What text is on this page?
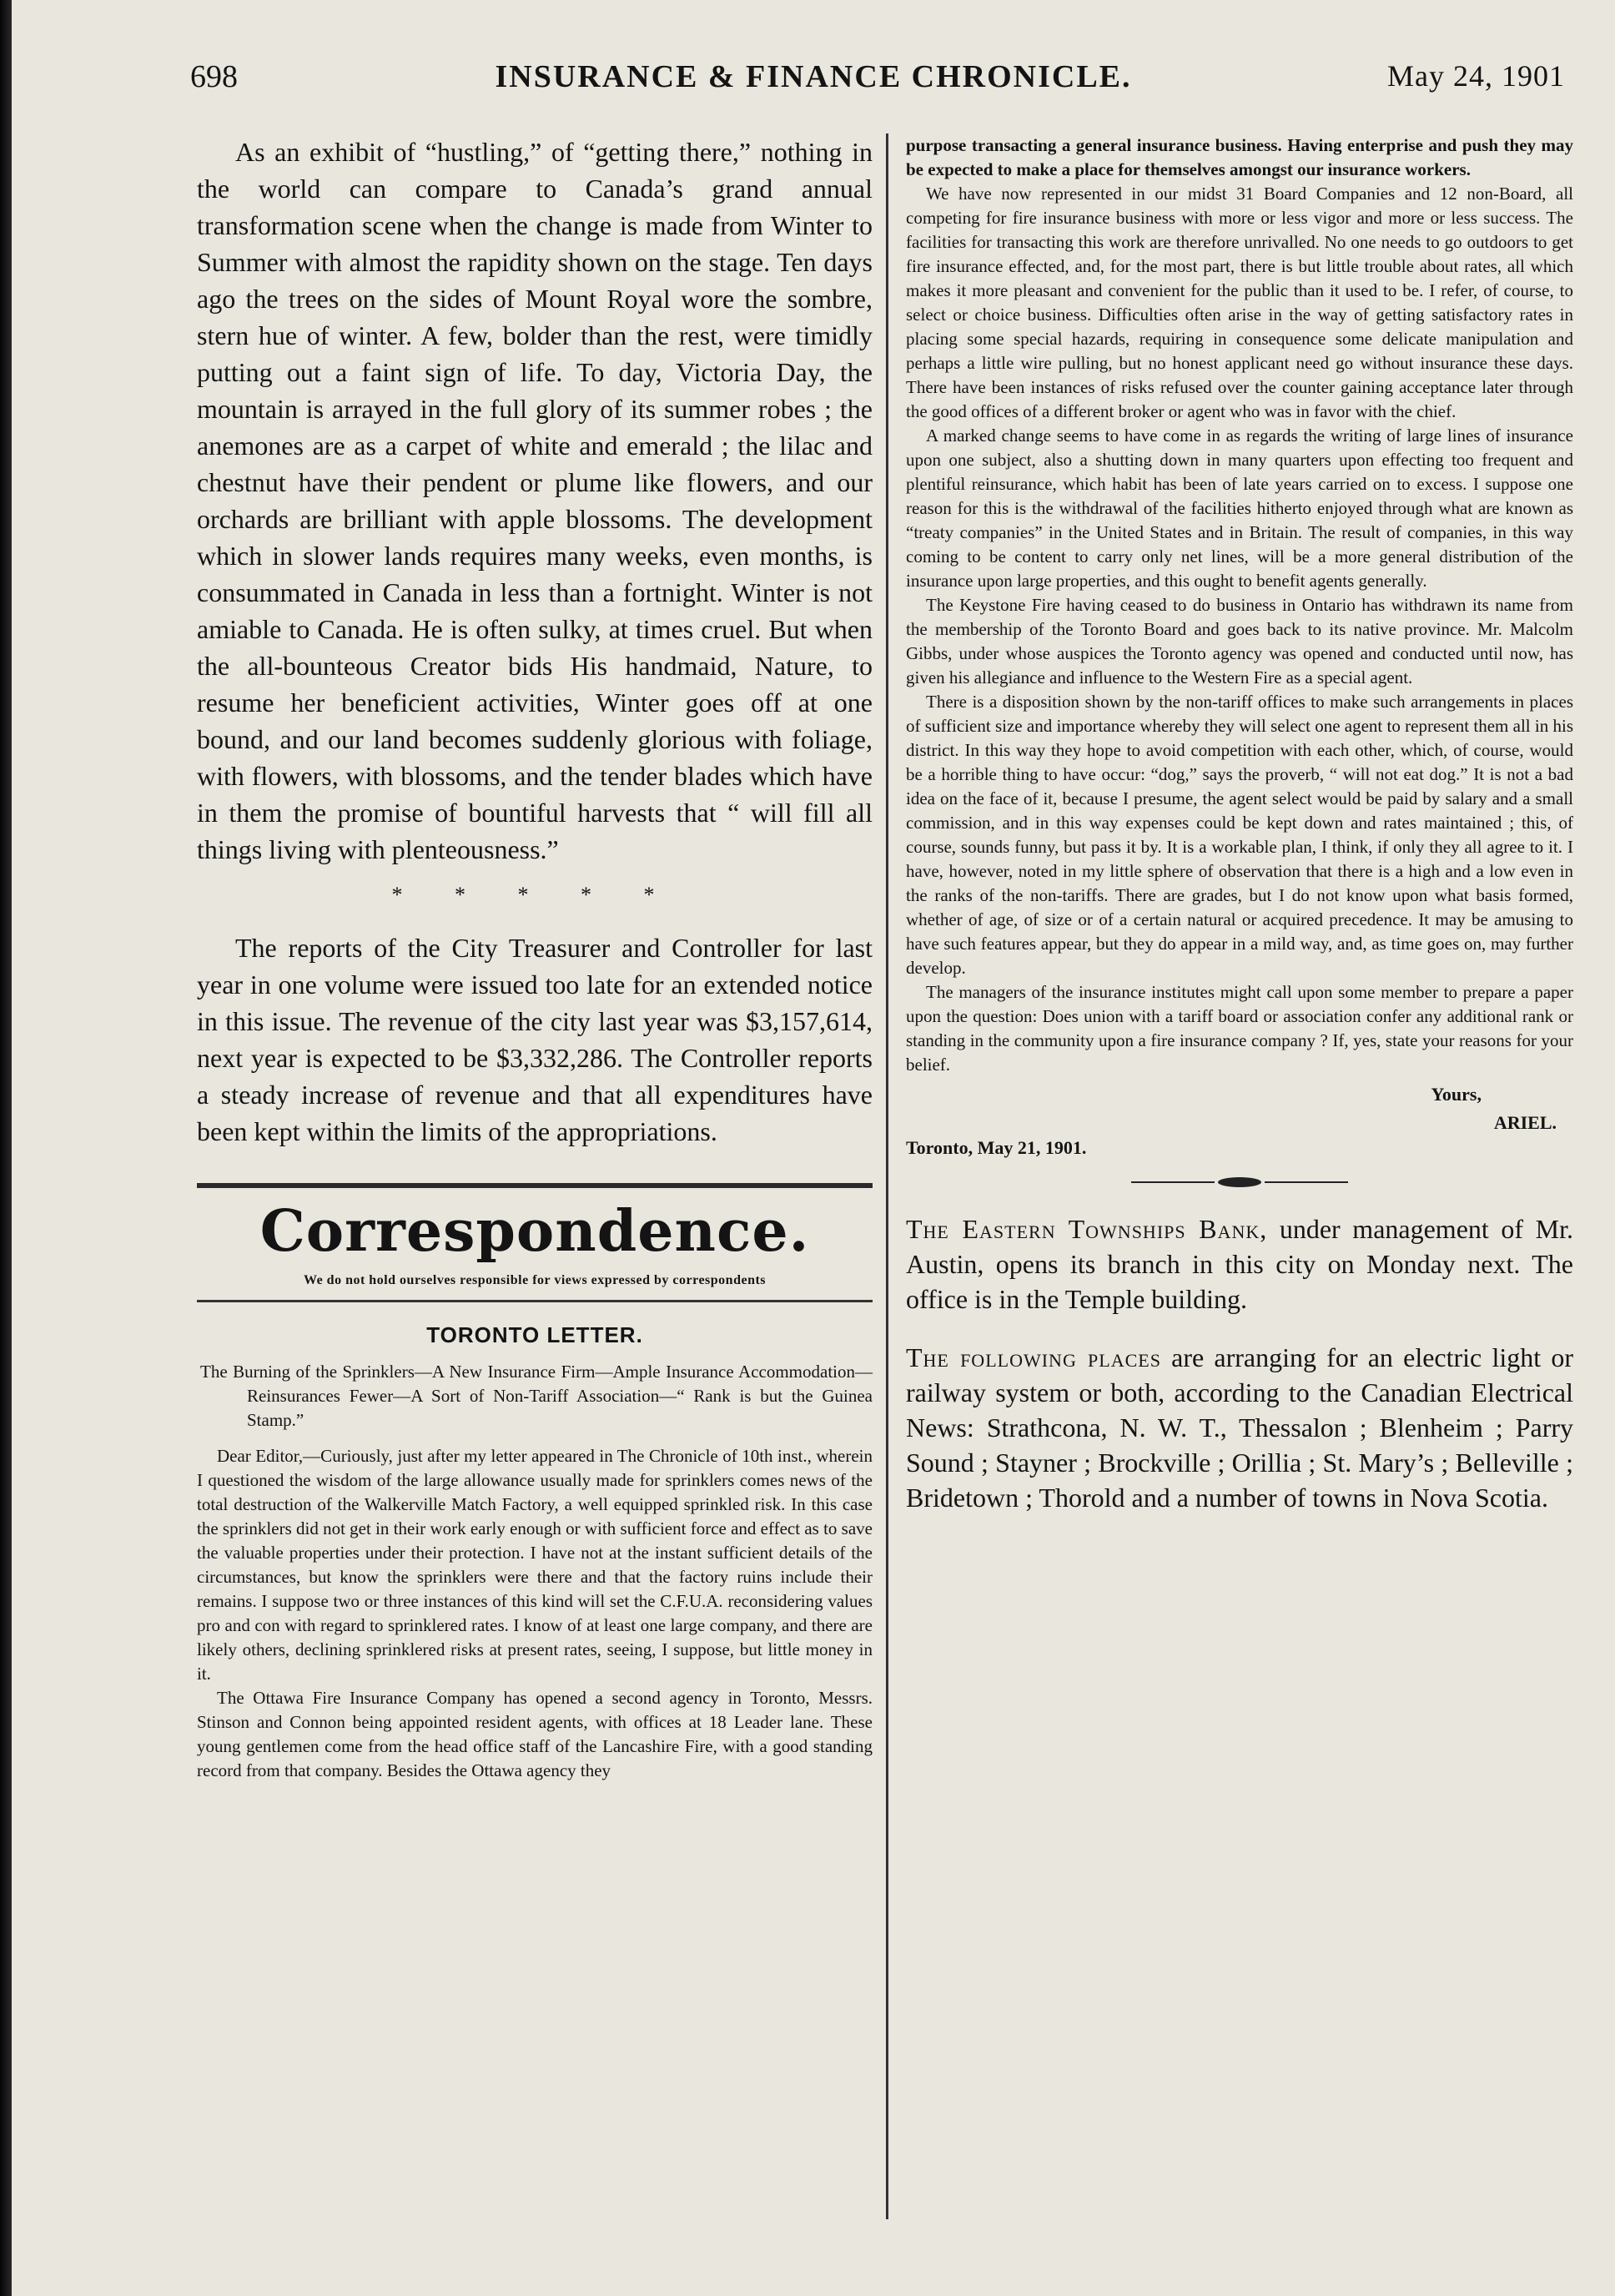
INSURANCE & FINANCE CHRONICLE.
698	May 24, 1901

As an exhibit of “hustling,” of “getting there,” nothing in the world can compare to Canada’s grand annual transformation scene when the change is made from Winter to Summer with almost the rapidity shown on the stage. Ten days ago the trees on the sides of Mount Royal wore the sombre, stern hue of winter. A few, bolder than the rest, were timidly putting out a faint sign of life. To day, Victoria Day, the mountain is arrayed in the full glory of its summer robes ; the anemones are as a carpet of white and emerald ; the lilac and chestnut have their pendent or plume like flowers, and our orchards are brilliant with apple blossoms. The development which in slower lands requires many weeks, even months, is consummated in Canada in less than a fortnight. Winter is not amiable to Canada. He is often sulky, at times cruel. But when the all-bounteous Creator bids His handmaid, Nature, to resume her beneficient activities, Winter goes off at one bound, and our land becomes suddenly glorious with foliage, with flowers, with blossoms, and the tender blades which have in them the promise of bountiful harvests that “ will fill all things living with plenteousness.”

* * * * *

The reports of the City Treasurer and Controller for last year in one volume were issued too late for an extended notice in this issue. The revenue of the city last year was $3,157,614, next year is expected to be $3,332,286. The Controller reports a steady increase of revenue and that all expenditures have been kept within the limits of the appropriations.

Correspondence.

We do not hold ourselves responsible for views expressed by correspondents

TORONTO LETTER.

The Burning of the Sprinklers—A New Insurance Firm—Ample Insurance Accommodation—Reinsurances Fewer—A Sort of Non-Tariff Association—“ Rank is but the Guinea Stamp.”

Dear Editor,—Curiously, just after my letter appeared in The Chronicle of 10th inst., wherein I questioned the wisdom of the large allowance usually made for sprinklers comes news of the total destruction of the Walkerville Match Factory, a well equipped sprinkled risk. In this case the sprinklers did not get in their work early enough or with sufficient force and effect as to save the valuable properties under their protection. I have not at the instant sufficient details of the circumstances, but know the sprinklers were there and that the factory ruins include their remains. I suppose two or three instances of this kind will set the C.F.U.A. reconsidering values pro and con with regard to sprinklered rates. I know of at least one large company, and there are likely others, declining sprinklered risks at present rates, seeing, I suppose, but little money in it.

The Ottawa Fire Insurance Company has opened a second agency in Toronto, Messrs. Stinson and Connon being appointed resident agents, with offices at 18 Leader lane. These young gentlemen come from the head office staff of the Lancashire Fire, with a good standing record from that company. Besides the Ottawa agency they

purpose transacting a general insurance business. Having enterprise and push they may be expected to make a place for themselves amongst our insurance workers.

We have now represented in our midst 31 Board Companies and 12 non-Board, all competing for fire insurance business with more or less vigor and more or less success. The facilities for transacting this work are therefore unrivalled. No one needs to go outdoors to get fire insurance effected, and, for the most part, there is but little trouble about rates, all which makes it more pleasant and convenient for the public than it used to be. I refer, of course, to select or choice business. Difficulties often arise in the way of getting satisfactory rates in placing some special hazards, requiring in consequence some delicate manipulation and perhaps a little wire pulling, but no honest applicant need go without insurance these days. There have been instances of risks refused over the counter gaining acceptance later through the good offices of a different broker or agent who was in favor with the chief.

A marked change seems to have come in as regards the writing of large lines of insurance upon one subject, also a shutting down in many quarters upon effecting too frequent and plentiful reinsurance, which habit has been of late years carried on to excess. I suppose one reason for this is the withdrawal of the facilities hitherto enjoyed through what are known as “treaty companies” in the United States and in Britain. The result of companies, in this way coming to be content to carry only net lines, will be a more general distribution of the insurance upon large properties, and this ought to benefit agents generally.

The Keystone Fire having ceased to do business in Ontario has withdrawn its name from the membership of the Toronto Board and goes back to its native province. Mr. Malcolm Gibbs, under whose auspices the Toronto agency was opened and conducted until now, has given his allegiance and influence to the Western Fire as a special agent.

There is a disposition shown by the non-tariff offices to make such arrangements in places of sufficient size and importance whereby they will select one agent to represent them all in his district. In this way they hope to avoid competition with each other, which, of course, would be a horrible thing to have occur: “dog,” says the proverb, “ will not eat dog.” It is not a bad idea on the face of it, because I presume, the agent select would be paid by salary and a small commission, and in this way expenses could be kept down and rates maintained ; this, of course, sounds funny, but pass it by. It is a workable plan, I think, if only they all agree to it. I have, however, noted in my little sphere of observation that there is a high and a low even in the ranks of the non-tariffs. There are grades, but I do not know upon what basis formed, whether of age, of size or of a certain natural or acquired precedence. It may be amusing to have such features appear, but they do appear in a mild way, and, as time goes on, may further develop.

The managers of the insurance institutes might call upon some member to prepare a paper upon the question: Does union with a tariff board or association confer any additional rank or standing in the community upon a fire insurance company ? If, yes, state your reasons for your belief.

Yours,
ARIEL.
Toronto, May 21, 1901.

The Eastern Townships Bank, under management of Mr. Austin, opens its branch in this city on Monday next. The office is in the Temple building.

The following places are arranging for an electric light or railway system or both, according to the Canadian Electrical News: Strathcona, N. W. T., Thessalon ; Blenheim ; Parry Sound ; Stayner ; Brockville ; Orillia ; St. Mary’s ; Belleville ; Bridetown ; Thorold and a number of towns in Nova Scotia.
